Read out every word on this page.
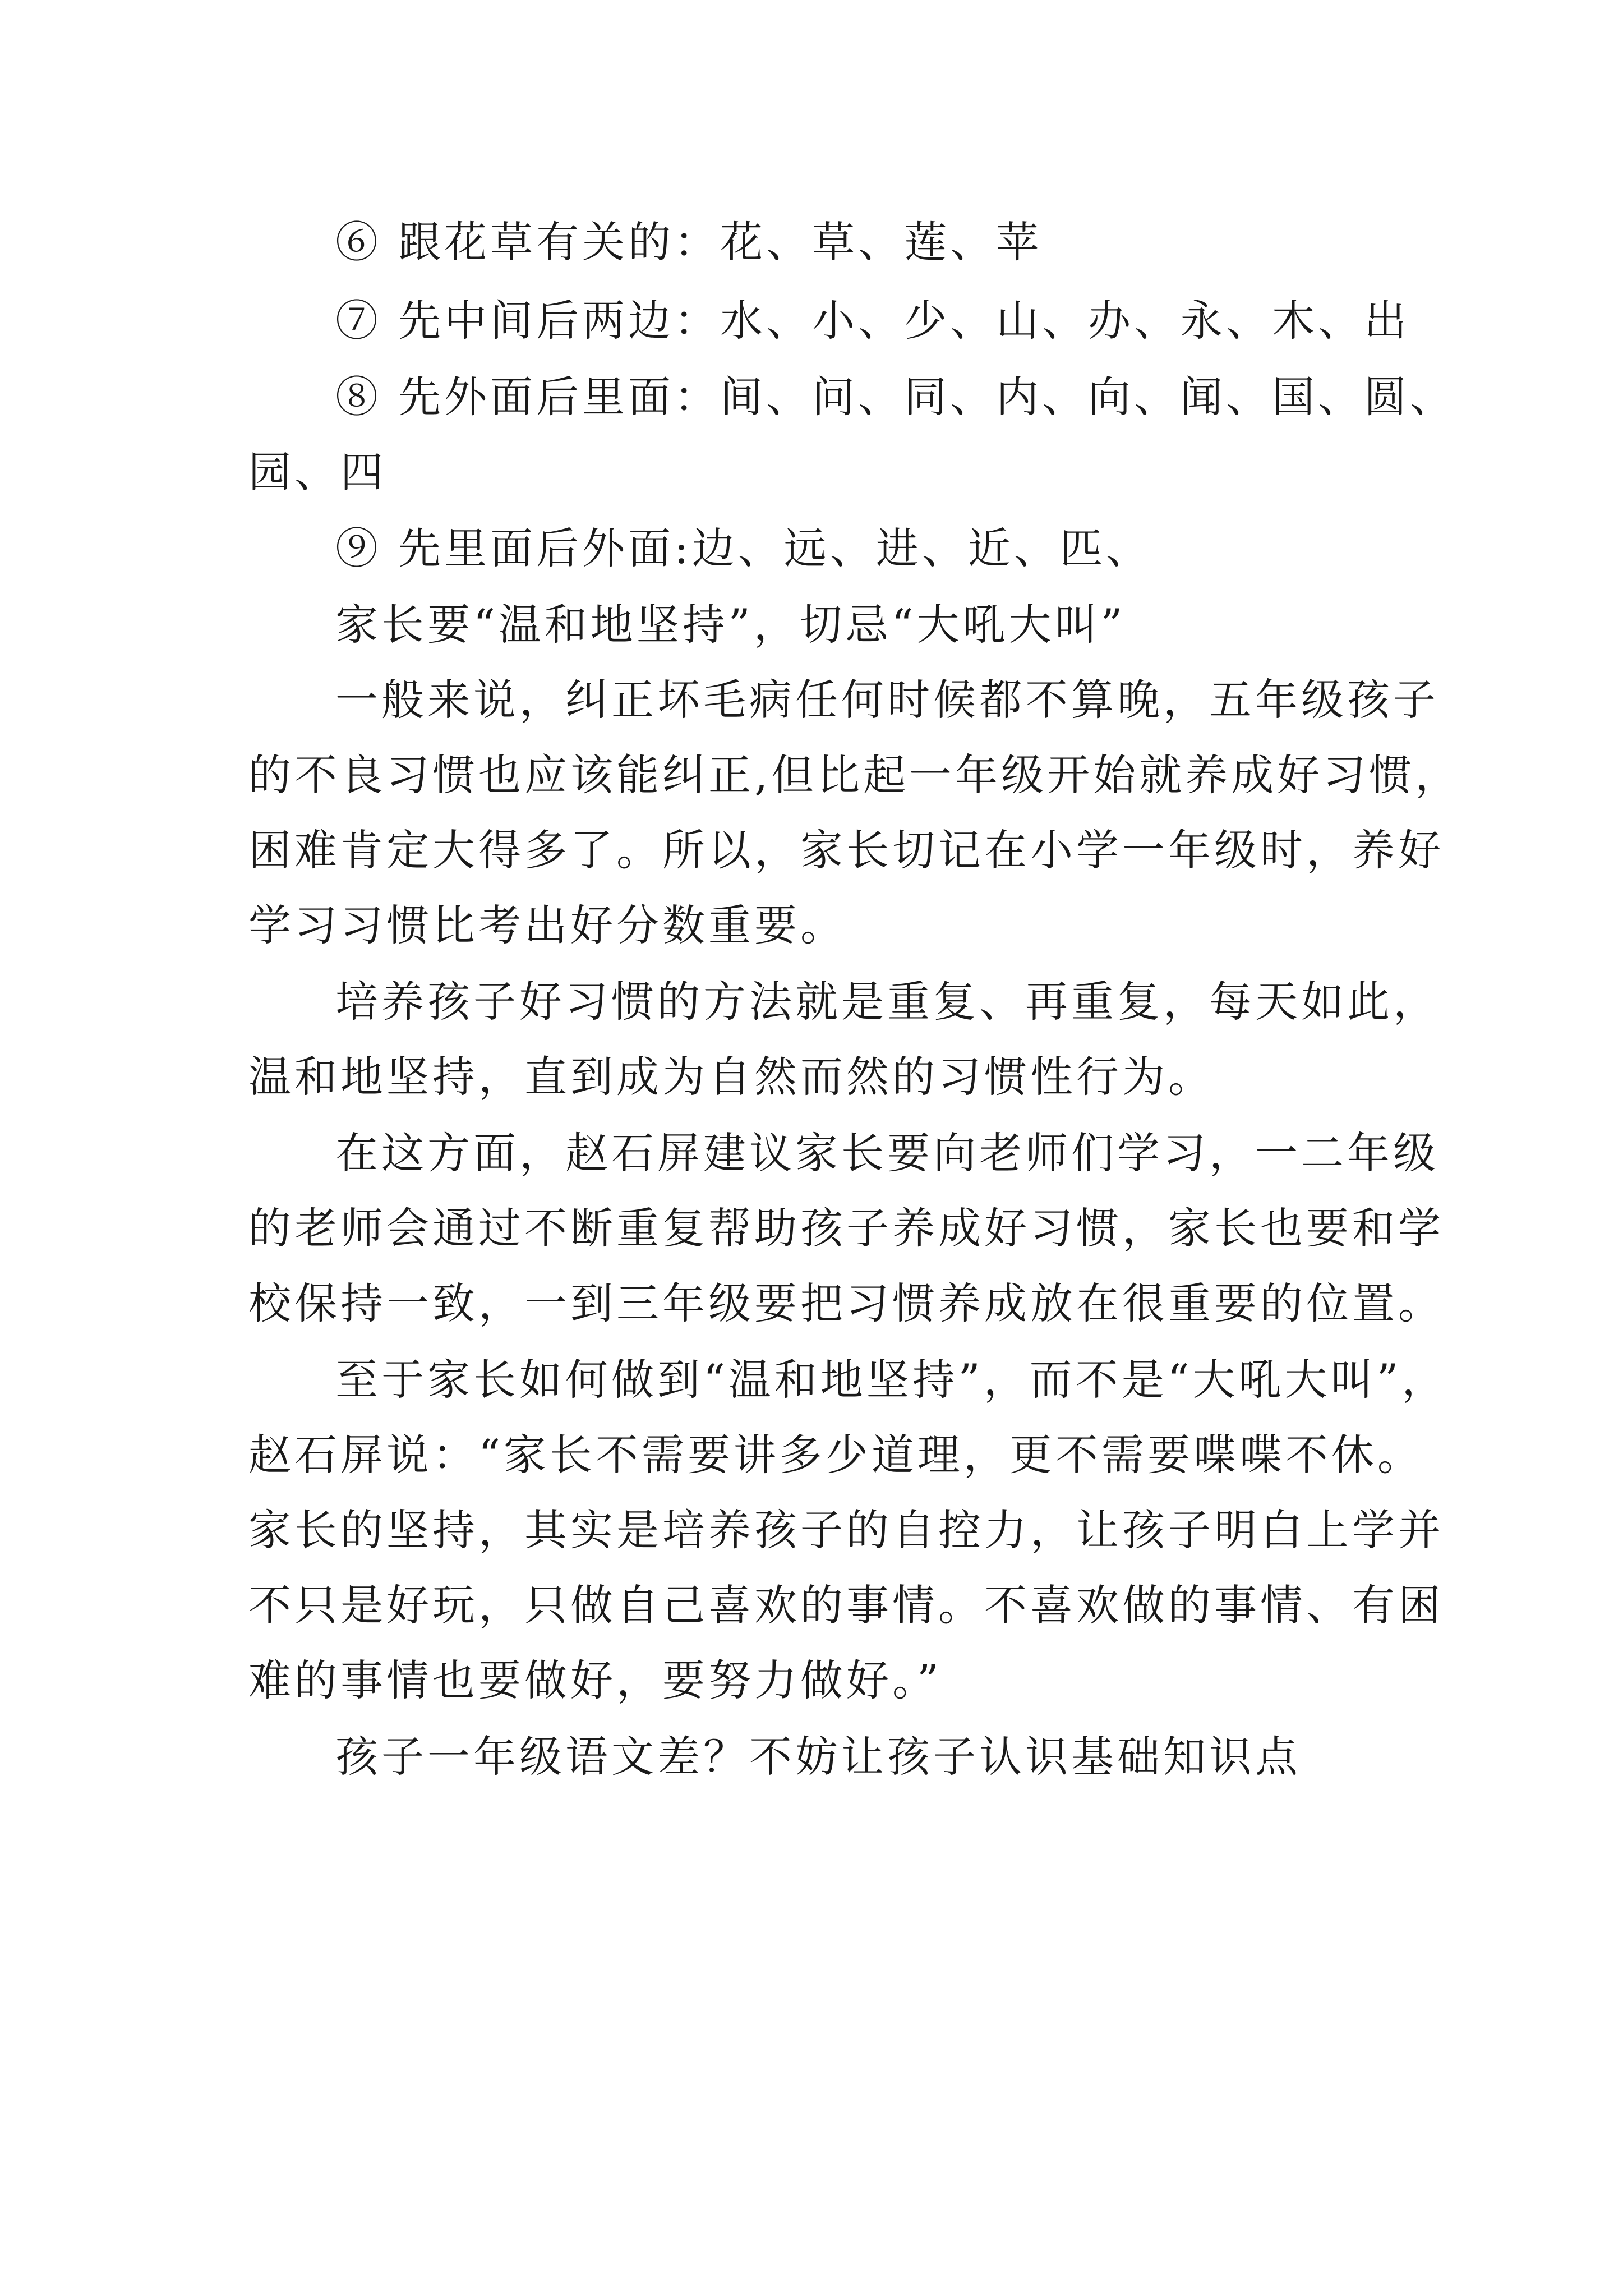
⑥ 跟花草有关的：花、草、莲、苹
⑦ 先中间后两边：水、小、少、山、办、永、木、出
⑧ 先外面后里面：间、问、同、内、向、闻、国、圆、
园、四
⑨ 先里面后外面:边、远、进、近、匹、
家长要“温和地坚持”，切忌“大吼大叫”
一般来说，纠正坏毛病任何时候都不算晚，五年级孩子
的不良习惯也应该能纠正,但比起一年级开始就养成好习惯，
困难肯定大得多了。所以，家长切记在小学一年级时，养好
学习习惯比考出好分数重要。
培养孩子好习惯的方法就是重复、再重复，每天如此，
温和地坚持，直到成为自然而然的习惯性行为。
在这方面，赵石屏建议家长要向老师们学习，一二年级
的老师会通过不断重复帮助孩子养成好习惯，家长也要和学
校保持一致，一到三年级要把习惯养成放在很重要的位置。
至于家长如何做到“温和地坚持”，而不是“大吼大叫”，
赵石屏说：“家长不需要讲多少道理，更不需要喋喋不休。
家长的坚持，其实是培养孩子的自控力，让孩子明白上学并
不只是好玩，只做自己喜欢的事情。不喜欢做的事情、有困
难的事情也要做好，要努力做好。”
孩子一年级语文差？不妨让孩子认识基础知识点
